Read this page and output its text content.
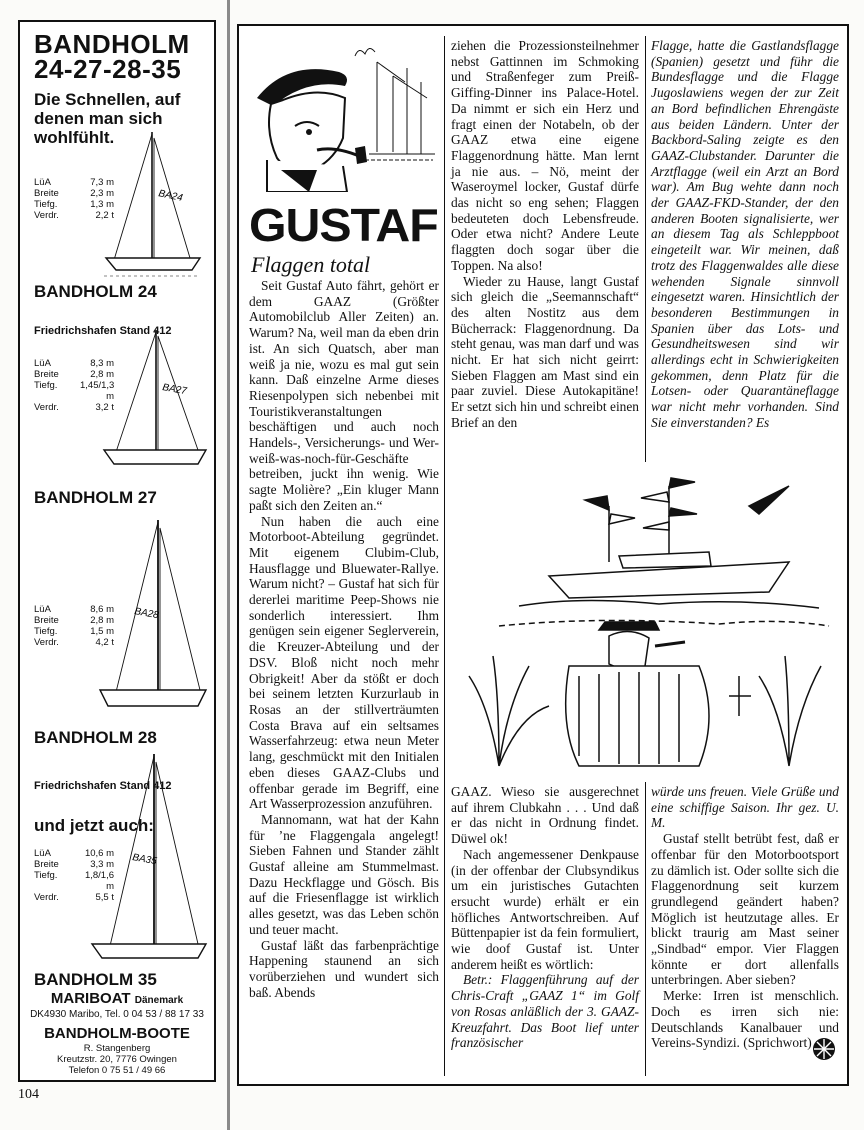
BANDHOLM
24-27-28-35
Die Schnellen, auf denen man sich wohlfühlt.
LüA	7,3 m
Breite	2,3 m
Tiefg.	1,3 m
Verdr.	2,2 t
BA24
BANDHOLM 24
Friedrichshafen Stand 412
LüA	8,3 m
Breite	2,8 m
Tiefg.	1,45/1,3 m
Verdr.	3,2 t
BA27
BANDHOLM 27
LüA	8,6 m
Breite	2,8 m
Tiefg.	1,5 m
Verdr.	4,2 t
BA28
BANDHOLM 28
Friedrichshafen Stand 412
und jetzt auch:
LüA	10,6 m
Breite	3,3 m
Tiefg.	1,8/1,6 m
Verdr.	5,5 t
BA35
BANDHOLM 35
MARIBOAT Dänemark
DK4930 Maribo, Tel. 0 04 53 / 88 17 33
BANDHOLM-BOOTE
R. Stangenberg
Kreutzstr. 20, 7776 Owingen
Telefon 0 75 51 / 49 66
GUSTAF
Flaggen total

Seit Gustaf Auto fährt, gehört er dem GAAZ (Größter Automobilclub Aller Zeiten) an. Warum? Na, weil man da eben drin ist. An sich Quatsch, aber man weiß ja nie, wozu es mal gut sein kann. Daß einzelne Arme dieses Riesenpolypen sich nebenbei mit Touristikveranstaltungen beschäftigen und auch noch Handels-, Versicherungs- und Wer-weiß-was-noch-für-Geschäfte betreiben, juckt ihn wenig. Wie sagte Molière? „Ein kluger Mann paßt sich den Zeiten an.“

Nun haben die auch eine Motorboot-Abteilung gegründet. Mit eigenem Clubim-Club, Hausflagge und Bluewater-Rallye. Warum nicht? – Gustaf hat sich für dererlei maritime Peep-Shows nie sonderlich interessiert. Ihm genügen sein eigener Seglerverein, die Kreuzer-Abteilung und der DSV. Bloß nicht noch mehr Obrigkeit! Aber da stößt er doch bei seinem letzten Kurzurlaub in Rosas an der stillverträumten Costa Brava auf ein seltsames Wasserfahrzeug: etwa neun Meter lang, geschmückt mit den Initialen eben dieses GAAZ-Clubs und offenbar gerade im Begriff, eine Art Wasserprozession anzuführen.

Mannomann, wat hat der Kahn für ’ne Flaggengala angelegt! Sieben Fahnen und Stander zählt Gustaf alleine am Stummelmast. Dazu Heckflagge und Gösch. Bis auf die Friesenflagge ist wirklich alles gesetzt, was das Leben schön und teuer macht.

Gustaf läßt das farbenprächtige Happening staunend an sich vorüberziehen und wundert sich baß. Abends

ziehen die Prozessionsteilnehmer nebst Gattinnen im Schmoking und Straßenfeger zum Preiß-Giffing-Dinner ins Palace-Hotel. Da nimmt er sich ein Herz und fragt einen der Notabeln, ob der GAAZ etwa eine eigene Flaggenordnung hätte. Man lernt ja nie aus. – Nö, meint der Waseroymel locker, Gustaf dürfe das nicht so eng sehen; Flaggen bedeuteten doch Lebensfreude. Oder etwa nicht? Andere Leute flaggten doch sogar über die Toppen. Na also!

Wieder zu Hause, langt Gustaf sich gleich die „Seemannschaft“ des alten Nostitz aus dem Bücherrack: Flaggenordnung. Da steht genau, was man darf und was nicht. Er hat sich nicht geirrt: Sieben Flaggen am Mast sind ein paar zuviel. Diese Autokapitäne! Er setzt sich hin und schreibt einen Brief an den

Flagge, hatte die Gastlandsflagge (Spanien) gesetzt und führ die Bundesflagge und die Flagge Jugoslawiens wegen der zur Zeit an Bord befindlichen Ehrengäste aus beiden Ländern. Unter der Backbord-Saling zeigte es den GAAZ-Clubstander. Darunter die Arztflagge (weil ein Arzt an Bord war). Am Bug wehte dann noch der GAAZ-FKD-Stander, der den anderen Booten signalisierte, wer an diesem Tag als Schleppboot eingeteilt war. Wir meinen, daß trotz des Flaggenwaldes alle diese wehenden Signale sinnvoll eingesetzt waren. Hinsichtlich der besonderen Bestimmungen in Spanien über das Lots- und Gesundheitswesen sind wir allerdings echt in Schwierigkeiten gekommen, denn Platz für die Lotsen- oder Quarantäneflagge war nicht mehr vorhanden. Sind Sie einverstanden? Es

GAAZ. Wieso sie ausgerechnet auf ihrem Clubkahn . . . Und daß er das nicht in Ordnung findet. Düwel ok!

Nach angemessener Denkpause (in der offenbar der Clubsyndikus um ein juristisches Gutachten ersucht wurde) erhält er ein höfliches Antwortschreiben. Auf Büttenpapier ist da fein formuliert, wie doof Gustaf ist. Unter anderem heißt es wörtlich:

Betr.: Flaggenführung auf der Chris-Craft „GAAZ 1“ im Golf von Rosas anläßlich der 3. GAAZ-Kreuzfahrt. Das Boot lief unter französischer

würde uns freuen. Viele Grüße und eine schiffige Saison. Ihr gez. U. M.

Gustaf stellt betrübt fest, daß er offenbar für den Motorbootsport zu dämlich ist. Oder sollte sich die Flaggenordnung seit kurzem grundlegend geändert haben? Möglich ist heutzutage alles. Er blickt traurig am Mast seiner „Sindbad“ empor. Vier Flaggen könnte er dort allenfalls unterbringen. Aber sieben?

Merke: Irren ist menschlich. Doch es irren sich nie: Deutschlands Kanalbauer und Vereins-Syndizi. (Sprichwort)

104
